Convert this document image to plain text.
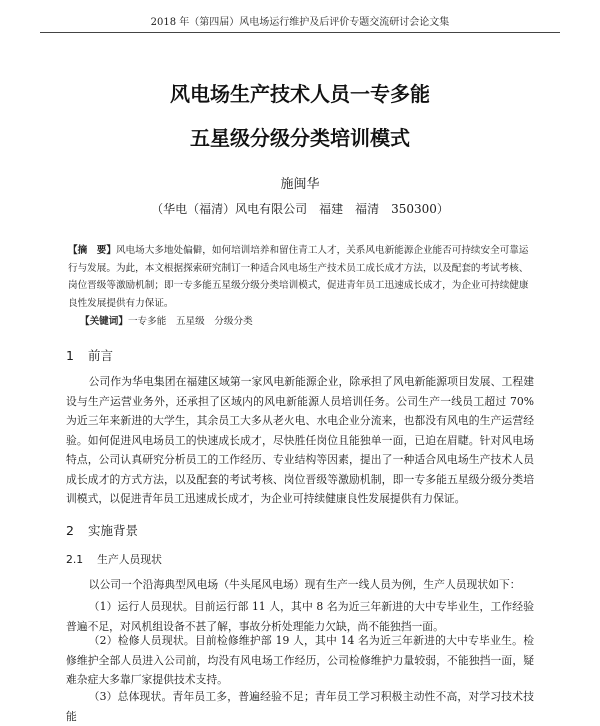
2018 年（第四届）风电场运行维护及后评价专题交流研讨会论文集
风电场生产技术人员一专多能
五星级分级分类培训模式
施闽华
（华电（福清）风电有限公司　福建　福清　350300）
【摘　要】风电场大多地处偏僻，如何培训培养和留住青工人才，关系风电新能源企业能否可持续安全可靠运行与发展。为此，本文根据探索研究制订一种适合风电场生产技术员工成长成才方法，以及配套的考试考核、岗位晋级等激励机制；即一专多能五星级分级分类培训模式，促进青年员工迅速成长成才，为企业可持续健康良性发展提供有力保证。
【关键词】一专多能　五星级　分级分类
1 前言

公司作为华电集团在福建区域第一家风电新能源企业，除承担了风电新能源项目发展、工程建设与生产运营业务外，还承担了区域内的风电新能源人员培训任务。公司生产一线员工超过 70%为近三年来新进的大学生，其余员工大多从老火电、水电企业分流来，也都没有风电的生产运营经验。如何促进风电场员工的快速成长成才，尽快胜任岗位且能独单一面，已迫在眉睫。针对风电场特点，公司认真研究分析员工的工作经历、专业结构等因素，提出了一种适合风电场生产技术人员成长成才的方式方法，以及配套的考试考核、岗位晋级等激励机制，即一专多能五星级分级分类培训模式，以促进青年员工迅速成长成才，为企业可持续健康良性发展提供有力保证。

2 实施背景
2.1 生产人员现状

以公司一个沿海典型风电场（牛头尾风电场）现有生产一线人员为例，生产人员现状如下：

（1）运行人员现状。目前运行部 11 人，其中 8 名为近三年新进的大中专毕业生，工作经验普遍不足，对风机组设备不甚了解，事故分析处理能力欠缺，尚不能独挡一面。

（2）检修人员现状。目前检修维护部 19 人，其中 14 名为近三年新进的大中专毕业生。检修维护全部人员进入公司前，均没有风电场工作经历，公司检修维护力量较弱，不能独挡一面，疑难杂症大多靠厂家提供技术支持。

（3）总体现状。青年员工多，普遍经验不足；青年员工学习积极主动性不高，对学习技术技能
